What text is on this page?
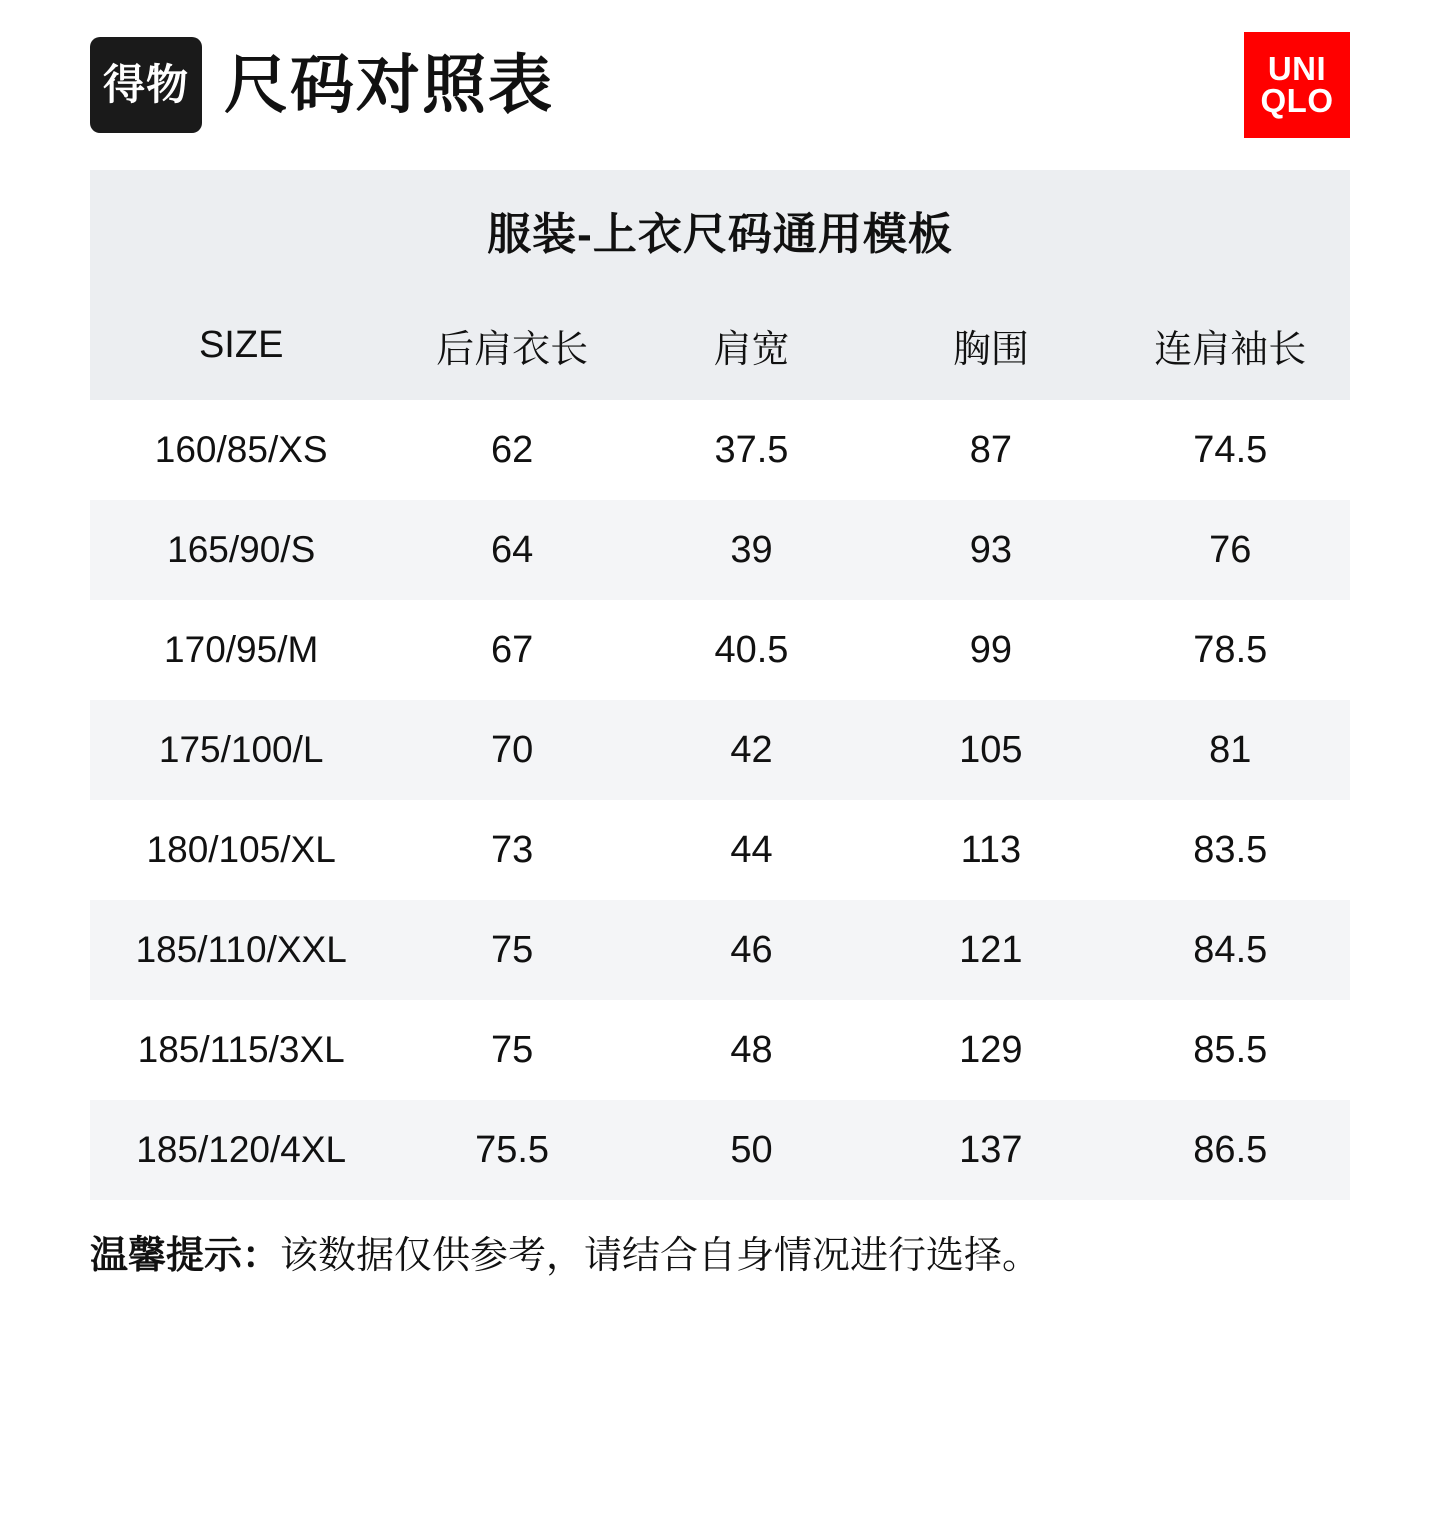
得物 尺码对照表	UNI
QLO
服装-上衣尺码通用模板
SIZE	后肩衣长	肩宽	胸围	连肩袖长
160/85/XS	62	37.5	87	74.5
165/90/S	64	39	93	76
170/95/M	67	40.5	99	78.5
175/100/L	70	42	105	81
180/105/XL	73	44	113	83.5
185/110/XXL	75	46	121	84.5
185/115/3XL	75	48	129	85.5
185/120/4XL	75.5	50	137	86.5
温馨提示：该数据仅供参考，请结合自身情况进行选择。
